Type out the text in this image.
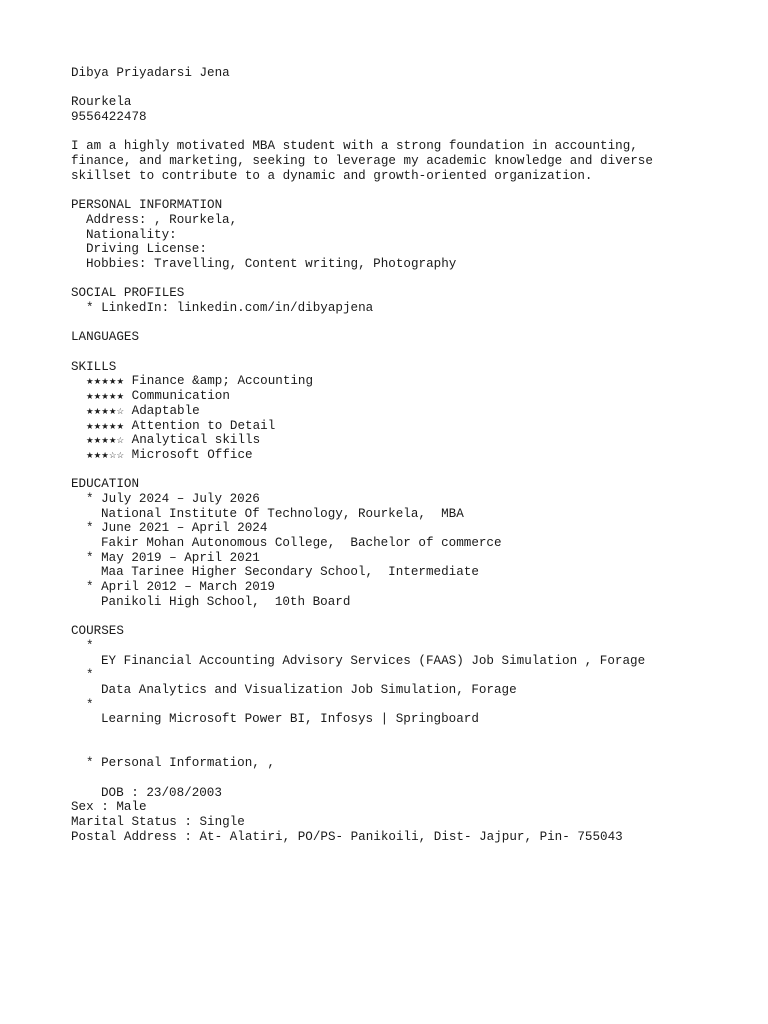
Dibya Priyadarsi Jena
Rourkela
9556422478
I am a highly motivated MBA student with a strong foundation in accounting,
finance, and marketing, seeking to leverage my academic knowledge and diverse
skillset to contribute to a dynamic and growth-oriented organization.
PERSONAL INFORMATION
Address: , Rourkela,
Nationality:
Driving License:
Hobbies: Travelling, Content writing, Photography
SOCIAL PROFILES
* LinkedIn: linkedin.com/in/dibyapjena
LANGUAGES
SKILLS
★★★★★ Finance &amp; Accounting
★★★★★ Communication
★★★★☆ Adaptable
★★★★★ Attention to Detail
★★★★☆ Analytical skills
★★★☆☆ Microsoft Office
EDUCATION
* July 2024 – July 2026
National Institute Of Technology, Rourkela,  MBA
* June 2021 – April 2024
Fakir Mohan Autonomous College,  Bachelor of commerce
* May 2019 – April 2021
Maa Tarinee Higher Secondary School,  Intermediate
* April 2012 – March 2019
Panikoli High School,  10th Board
COURSES
*
EY Financial Accounting Advisory Services (FAAS) Job Simulation , Forage
*
Data Analytics and Visualization Job Simulation, Forage
*
Learning Microsoft Power BI, Infosys | Springboard
* Personal Information, ,
DOB : 23/08/2003
Sex : Male
Marital Status : Single
Postal Address : At- Alatiri, PO/PS- Panikoili, Dist- Jajpur, Pin- 755043
